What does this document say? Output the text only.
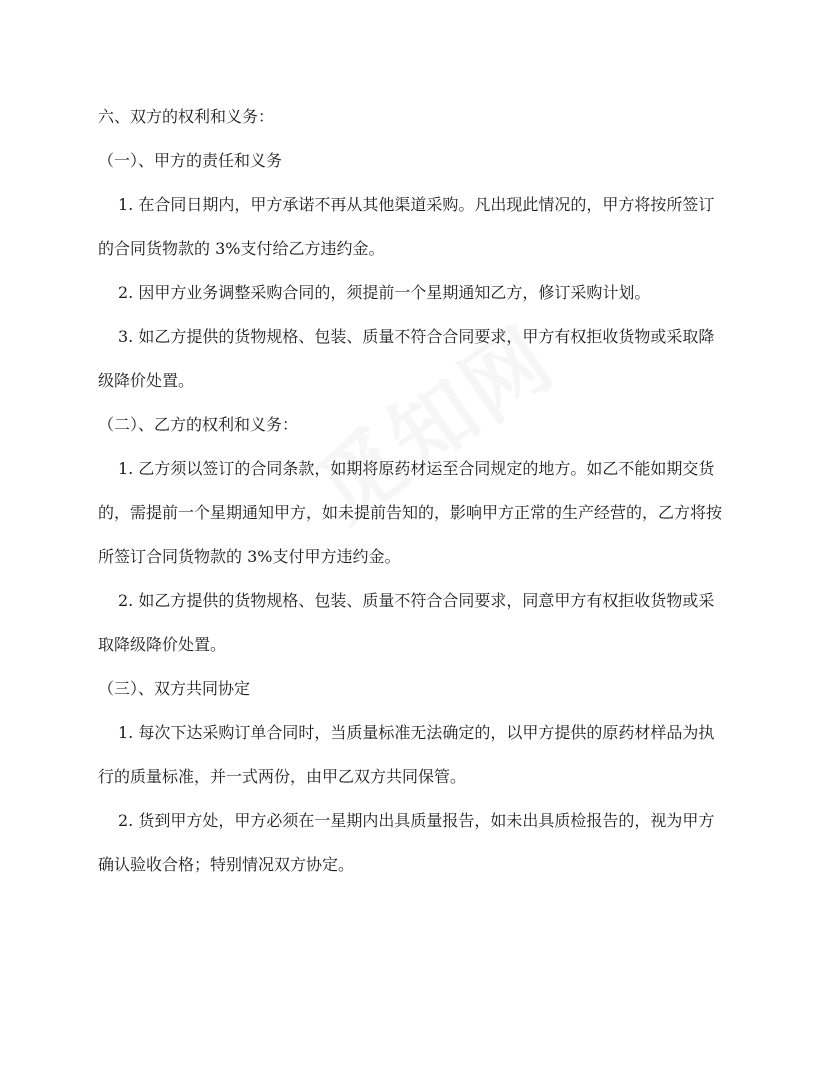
六、双方的权利和义务：
（一）、甲方的责任和义务
1. 在合同日期内，甲方承诺不再从其他渠道采购。凡出现此情况的，甲方将按所签订
的合同货物款的 3%支付给乙方违约金。
2. 因甲方业务调整采购合同的，须提前一个星期通知乙方，修订采购计划。
3. 如乙方提供的货物规格、包装、质量不符合合同要求，甲方有权拒收货物或采取降
级降价处置。
（二）、乙方的权利和义务：
1. 乙方须以签订的合同条款，如期将原药材运至合同规定的地方。如乙不能如期交货
的，需提前一个星期通知甲方，如未提前告知的，影响甲方正常的生产经营的，乙方将按
所签订合同货物款的 3%支付甲方违约金。
2. 如乙方提供的货物规格、包装、质量不符合合同要求，同意甲方有权拒收货物或采
取降级降价处置。
（三）、双方共同协定
1. 每次下达采购订单合同时，当质量标准无法确定的，以甲方提供的原药材样品为执
行的质量标准，并一式两份，由甲乙双方共同保管。
2. 货到甲方处，甲方必须在一星期内出具质量报告，如未出具质检报告的，视为甲方
确认验收合格；特别情况双方协定。
